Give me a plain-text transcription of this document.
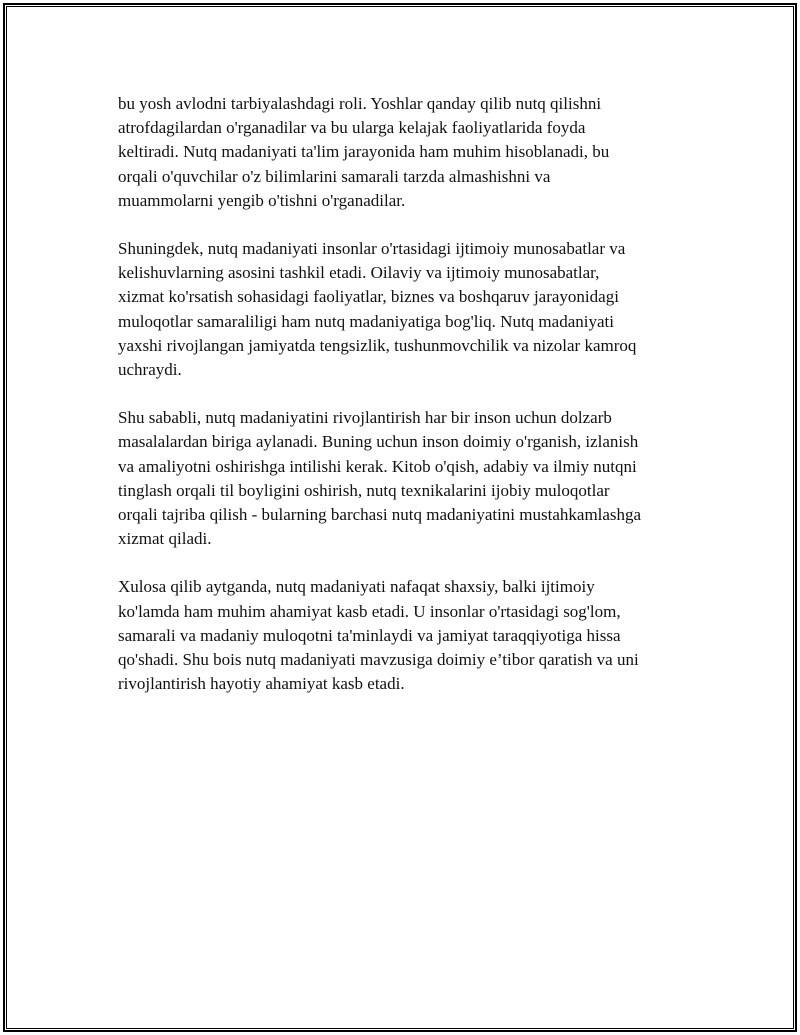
bu yosh avlodni tarbiyalashdagi roli. Yoshlar qanday qilib nutq qilishni
atrofdagilardan o'rganadilar va bu ularga kelajak faoliyatlarida foyda
keltiradi. Nutq madaniyati ta'lim jarayonida ham muhim hisoblanadi, bu
orqali o'quvchilar o'z bilimlarini samarali tarzda almashishni va
muammolarni yengib o'tishni o'rganadilar.

Shuningdek, nutq madaniyati insonlar o'rtasidagi ijtimoiy munosabatlar va
kelishuvlarning asosini tashkil etadi. Oilaviy va ijtimoiy munosabatlar,
xizmat ko'rsatish sohasidagi faoliyatlar, biznes va boshqaruv jarayonidagi
muloqotlar samaraliligi ham nutq madaniyatiga bog'liq. Nutq madaniyati
yaxshi rivojlangan jamiyatda tengsizlik, tushunmovchilik va nizolar kamroq
uchraydi.

Shu sababli, nutq madaniyatini rivojlantirish har bir inson uchun dolzarb
masalalardan biriga aylanadi. Buning uchun inson doimiy o'rganish, izlanish
va amaliyotni oshirishga intilishi kerak. Kitob o'qish, adabiy va ilmiy nutqni
tinglash orqali til boyligini oshirish, nutq texnikalarini ijobiy muloqotlar
orqali tajriba qilish - bularning barchasi nutq madaniyatini mustahkamlashga
xizmat qiladi.

Xulosa qilib aytganda, nutq madaniyati nafaqat shaxsiy, balki ijtimoiy
ko'lamda ham muhim ahamiyat kasb etadi. U insonlar o'rtasidagi sog'lom,
samarali va madaniy muloqotni ta'minlaydi va jamiyat taraqqiyotiga hissa
qo'shadi. Shu bois nutq madaniyati mavzusiga doimiy e’tibor qaratish va uni
rivojlantirish hayotiy ahamiyat kasb etadi.
